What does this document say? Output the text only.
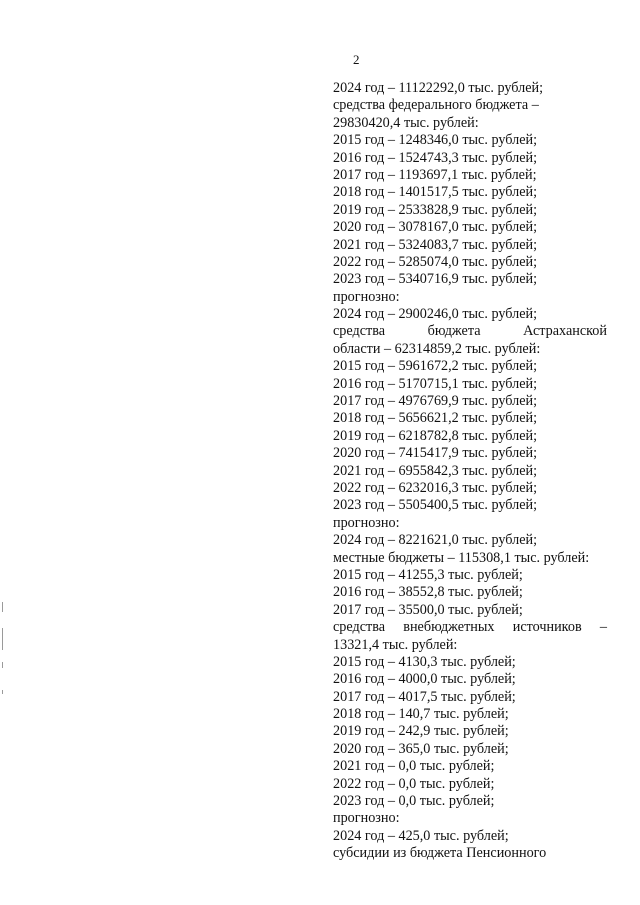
2
2024 год – 11122292,0 тыс. рублей;
средства федерального бюджета –
29830420,4 тыс. рублей:
2015 год – 1248346,0 тыс. рублей;
2016 год – 1524743,3 тыс. рублей;
2017 год – 1193697,1 тыс. рублей;
2018 год – 1401517,5 тыс. рублей;
2019 год – 2533828,9 тыс. рублей;
2020 год – 3078167,0 тыс. рублей;
2021 год – 5324083,7 тыс. рублей;
2022 год – 5285074,0 тыс. рублей;
2023 год – 5340716,9 тыс. рублей;
прогнозно:
2024 год – 2900246,0 тыс. рублей;
средства	бюджета	Астраханской
области – 62314859,2 тыс. рублей:
2015 год – 5961672,2 тыс. рублей;
2016 год – 5170715,1 тыс. рублей;
2017 год – 4976769,9 тыс. рублей;
2018 год – 5656621,2 тыс. рублей;
2019 год – 6218782,8 тыс. рублей;
2020 год – 7415417,9 тыс. рублей;
2021 год – 6955842,3 тыс. рублей;
2022 год – 6232016,3 тыс. рублей;
2023 год – 5505400,5 тыс. рублей;
прогнозно:
2024 год – 8221621,0 тыс. рублей;
местные бюджеты – 115308,1 тыс. рублей:
2015 год – 41255,3 тыс. рублей;
2016 год – 38552,8 тыс. рублей;
2017 год – 35500,0 тыс. рублей;
средства внебюджетных источников –
13321,4 тыс. рублей:
2015 год – 4130,3 тыс. рублей;
2016 год – 4000,0 тыс. рублей;
2017 год – 4017,5 тыс. рублей;
2018 год – 140,7 тыс. рублей;
2019 год – 242,9 тыс. рублей;
2020 год – 365,0 тыс. рублей;
2021 год – 0,0 тыс. рублей;
2022 год – 0,0 тыс. рублей;
2023 год – 0,0 тыс. рублей;
прогнозно:
2024 год – 425,0 тыс. рублей;
субсидии из бюджета Пенсионного
